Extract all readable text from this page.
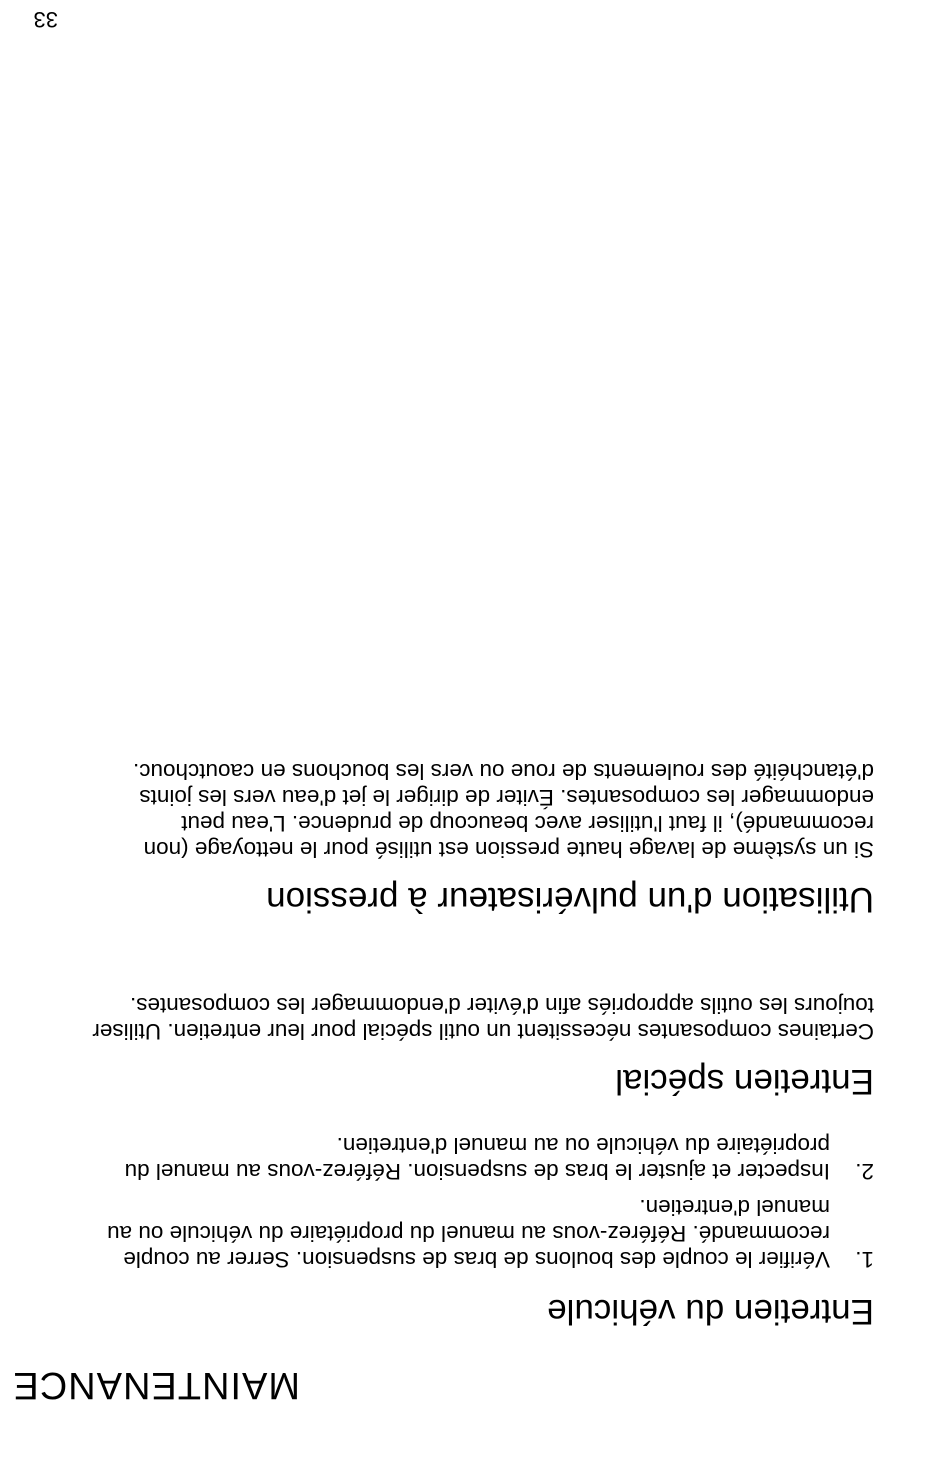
MAINTENANCE
Entretien du véhicule
1.
Vérifier le couple des boulons de bras de suspension. Serrer au couple recommandé. Référez-vous au manuel du propriétaire du véhicule ou au manuel d'entretien.
2.
Inspecter et ajuster le bras de suspension. Référez-vous au manuel du propriétaire du véhicule ou au manuel d'entretien.
Entretien spécial

Certaines composantes nécessitent un outil spécial pour leur entretien. Utiliser toujours les outils appropriés afin d'éviter d'endommager les composantes.

Utilisation d'un pulvérisateur à pression

Si un système de lavage haute pression est utilisé pour le nettoyage (non recommandé), il faut l'utiliser avec beaucoup de prudence. L'eau peut endommager les composantes. Éviter de diriger le jet d'eau vers les joints d'étanchéité des roulements de roue ou vers les bouchons en caoutchouc.

33
